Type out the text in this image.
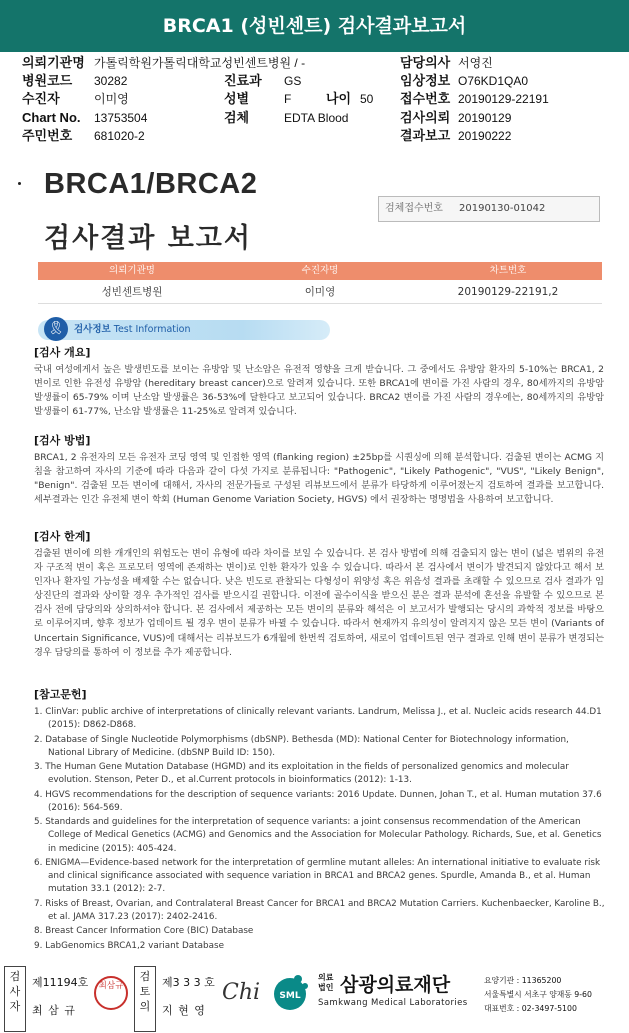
BRCA1 (성빈센트) 검사결과보고서
의뢰기관명 가톨릭학원가톨릭대학교성빈센트병원 / -	담당의사 서영진
병원코드 30282	진료과 GS	임상정보 O76KD1QA0
수진자	이미영	성별	F	나이 50 접수번호 20190129-22191
Chart No. 13753504	검체	EDTA Blood	검사의뢰 20190129
주민번호 681020-2	결과보고 20190222
BRCA1/BRCA2
검사결과 보고서
검체접수번호 20190130-01042
의뢰기관명	수진자명	차트번호
성빈센트병원	이미영	20190129-22191,2
🎗	검사정보 Test Information
[검사 개요]

국내 여성에게서 높은 발생빈도를 보이는 유방암 및 난소암은 유전적 영향을 크게 받습니다. 그 중에서도 유방암 환자의 5-10%는 BRCA1, 2 변이로 인한 유전성 유방암 (hereditary breast cancer)으로 알려져 있습니다. 또한 BRCA1에 변이를 가진 사람의 경우, 80세까지의 유방암 발생률이 65-79% 이며 난소암 발생률은 36-53%에 달한다고 보고되어 있습니다. BRCA2 변이를 가진 사람의 경우에는, 80세까지의 유방암 발생률이 61-77%, 난소암 발생률은 11-25%로 알려져 있습니다.

[검사 방법]

BRCA1, 2 유전자의 모든 유전자 코딩 영역 및 인접한 영역 (flanking region) ±25bp를 시퀀싱에 의해 분석합니다. 검출된 변이는 ACMG 지침을 참고하여 자사의 기준에 따라 다음과 같이 다섯 가지로 분류됩니다: "Pathogenic", "Likely Pathogenic", "VUS", "Likely Benign", "Benign". 검출된 모든 변이에 대해서, 자사의 전문가들로 구성된 리뷰보드에서 분류가 타당하게 이루어졌는지 검토하여 결과를 보고합니다. 세부결과는 인간 유전체 변이 학회 (Human Genome Variation Society, HGVS) 에서 권장하는 명명법을 사용하여 보고합니다.

[검사 한계]

검출된 변이에 의한 개개인의 위험도는 변이 유형에 따라 차이를 보일 수 있습니다. 본 검사 방법에 의해 검출되지 않는 변이 (넓은 범위의 유전자 구조적 변이 혹은 프로모터 영역에 존재하는 변이)로 인한 환자가 있을 수 있습니다. 따라서 본 검사에서 변이가 발견되지 않았다고 해서 보인자나 환자일 가능성을 배제할 수는 없습니다. 낮은 빈도로 관찰되는 다형성이 위양성 혹은 위음성 결과를 초래할 수 있으므로 검사 결과가 임상진단의 결과와 상이할 경우 추가적인 검사를 받으시길 권합니다. 이전에 골수이식을 받으신 분은 결과 분석에 혼선을 유발할 수 있으므로 본 검사 전에 담당의와 상의하셔야 합니다. 본 검사에서 제공하는 모든 변이의 분류와 해석은 이 보고서가 발행되는 당시의 과학적 정보를 바탕으로 이루어지며, 향후 정보가 업데이트 될 경우 변이 분류가 바뀔 수 있습니다. 따라서 현재까지 유의성이 알려지지 않은 모든 변이 (Variants of Uncertain Significance, VUS)에 대해서는 리뷰보드가 6개월에 한번씩 검토하여, 새로이 업데이트된 연구 결과로 인해 변이 분류가 변경되는 경우 담당의를 통하여 이 정보를 추가 제공합니다.

[참고문헌]
1. ClinVar: public archive of interpretations of clinically relevant variants. Landrum, Melissa J., et al. Nucleic acids research 44.D1 (2015): D862-D868.
2. Database of Single Nucleotide Polymorphisms (dbSNP). Bethesda (MD): National Center for Biotechnology information, National Library of Medicine. (dbSNP Build ID: 150).
3. The Human Gene Mutation Database (HGMD) and its exploitation in the fields of personalized genomics and molecular evolution. Stenson, Peter D., et al.Current protocols in bioinformatics (2012): 1-13.
4. HGVS recommendations for the description of sequence variants: 2016 Update. Dunnen, Johan T., et al. Human mutation 37.6 (2016): 564-569.
5. Standards and guidelines for the interpretation of sequence variants: a joint consensus recommendation of the American College of Medical Genetics (ACMG) and Genomics and the Association for Molecular Pathology. Richards, Sue, et al. Genetics in medicine (2015): 405-424.
6. ENIGMA—Evidence-based network for the interpretation of germline mutant alleles: An international initiative to evaluate risk and clinical significance associated with sequence variation in BRCA1 and BRCA2 genes. Spurdle, Amanda B., et al. Human mutation 33.1 (2012): 2-7.
7. Risks of Breast, Ovarian, and Contralateral Breast Cancer for BRCA1 and BRCA2 Mutation Carriers. Kuchenbaecker, Karoline B., et al. JAMA 317.23 (2017): 2402-2416.
8. Breast Cancer Information Core (BIC) Database
9. LabGenomics BRCA1,2 variant Database
검
사
자
제11194호
최 삼 규
최삼규
검
토
의
제3 3 3 호
지 현 영
Chi SML
의료법인 삼광의료재단
Samkwang Medical Laboratories
요양기관 : 11365200
서울특별시 서초구 양재동 9-60
대표번호 : 02-3497-5100
